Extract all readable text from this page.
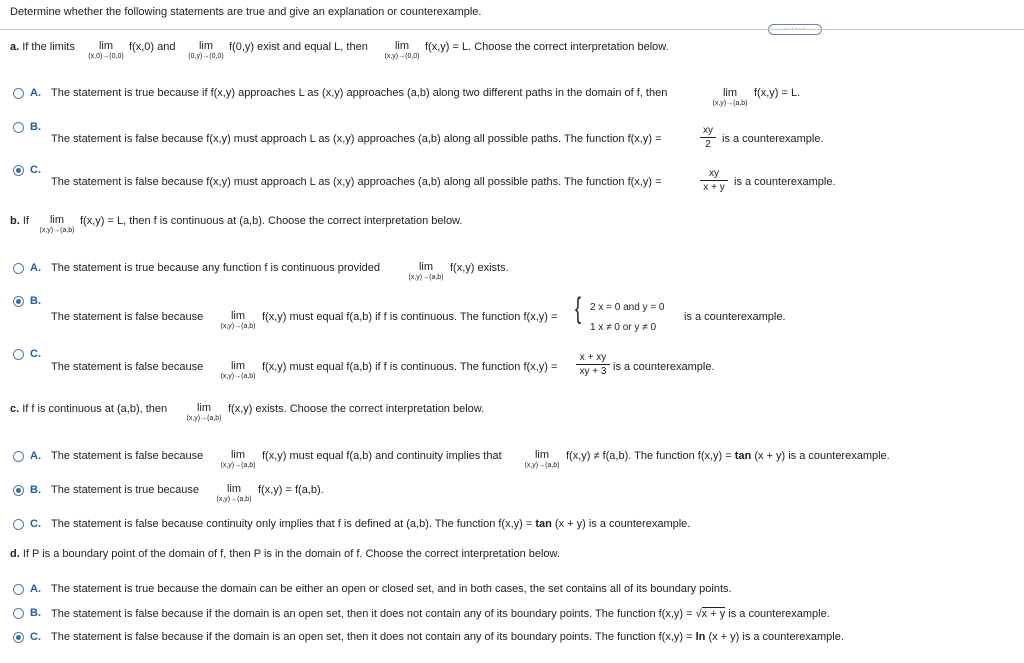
Determine whether the following statements are true and give an explanation or counterexample.
a. If the limits	lim
(x,0)→(0,0)
f(x,0) and	lim
(0,y)→(0,0)
f(0,y) exist and equal L, then	lim
(x,y)→(0,0)
f(x,y) = L. Choose the correct interpretation below.
A. The statement is true because if f(x,y) approaches L as (x,y) approaches (a,b) along two different paths in the domain of f, then	lim
(x,y)→(a,b)
f(x,y) = L.
B.
The statement is false because f(x,y) must approach L as (x,y) approaches (a,b) along all possible paths. The function f(x,y) =
xy
2	is a counterexample.
C.
The statement is false because f(x,y) must approach L as (x,y) approaches (a,b) along all possible paths. The function f(x,y) =
xy
x + y is a counterexample.
b. If	lim
(x,y)→(a,b)
f(x,y) = L, then f is continuous at (a,b). Choose the correct interpretation below.
A. The statement is true because any function f is continuous provided	lim
(x,y)→(a,b)
f(x,y) exists.
B.
The statement is false because	lim
(x,y)→(a,b)
f(x,y) must equal f(a,b) if f is continuous. The function f(x,y) = { 2 x = 0 and y = 0
1 x ≠ 0 or y ≠ 0
is a counterexample.
C.
The statement is false because	lim
(x,y)→(a,b)
f(x,y) must equal f(a,b) if f is continuous. The function f(x,y) =
x + xy
xy + 3 is a counterexample.
c. If f is continuous at (a,b), then	lim
(x,y)→(a,b)
f(x,y) exists. Choose the correct interpretation below.
A. The statement is false because	lim
(x,y)→(a,b)
f(x,y) must equal f(a,b) and continuity implies that	lim
(x,y)→(a,b)
f(x,y) ≠ f(a,b). The function f(x,y) = tan (x + y) is a counterexample.
B. The statement is true because	lim
(x,y)→(a,b)
f(x,y) = f(a,b).
C. The statement is false because continuity only implies that f is defined at (a,b). The function f(x,y) = tan (x + y) is a counterexample.
d. If P is a boundary point of the domain of f, then P is in the domain of f. Choose the correct interpretation below.
A. The statement is true because the domain can be either an open or closed set, and in both cases, the set contains all of its boundary points.
B. The statement is false because if the domain is an open set, then it does not contain any of its boundary points. The function f(x,y) = √x + y is a counterexample.
C. The statement is false because if the domain is an open set, then it does not contain any of its boundary points. The function f(x,y) = ln (x + y) is a counterexample.
